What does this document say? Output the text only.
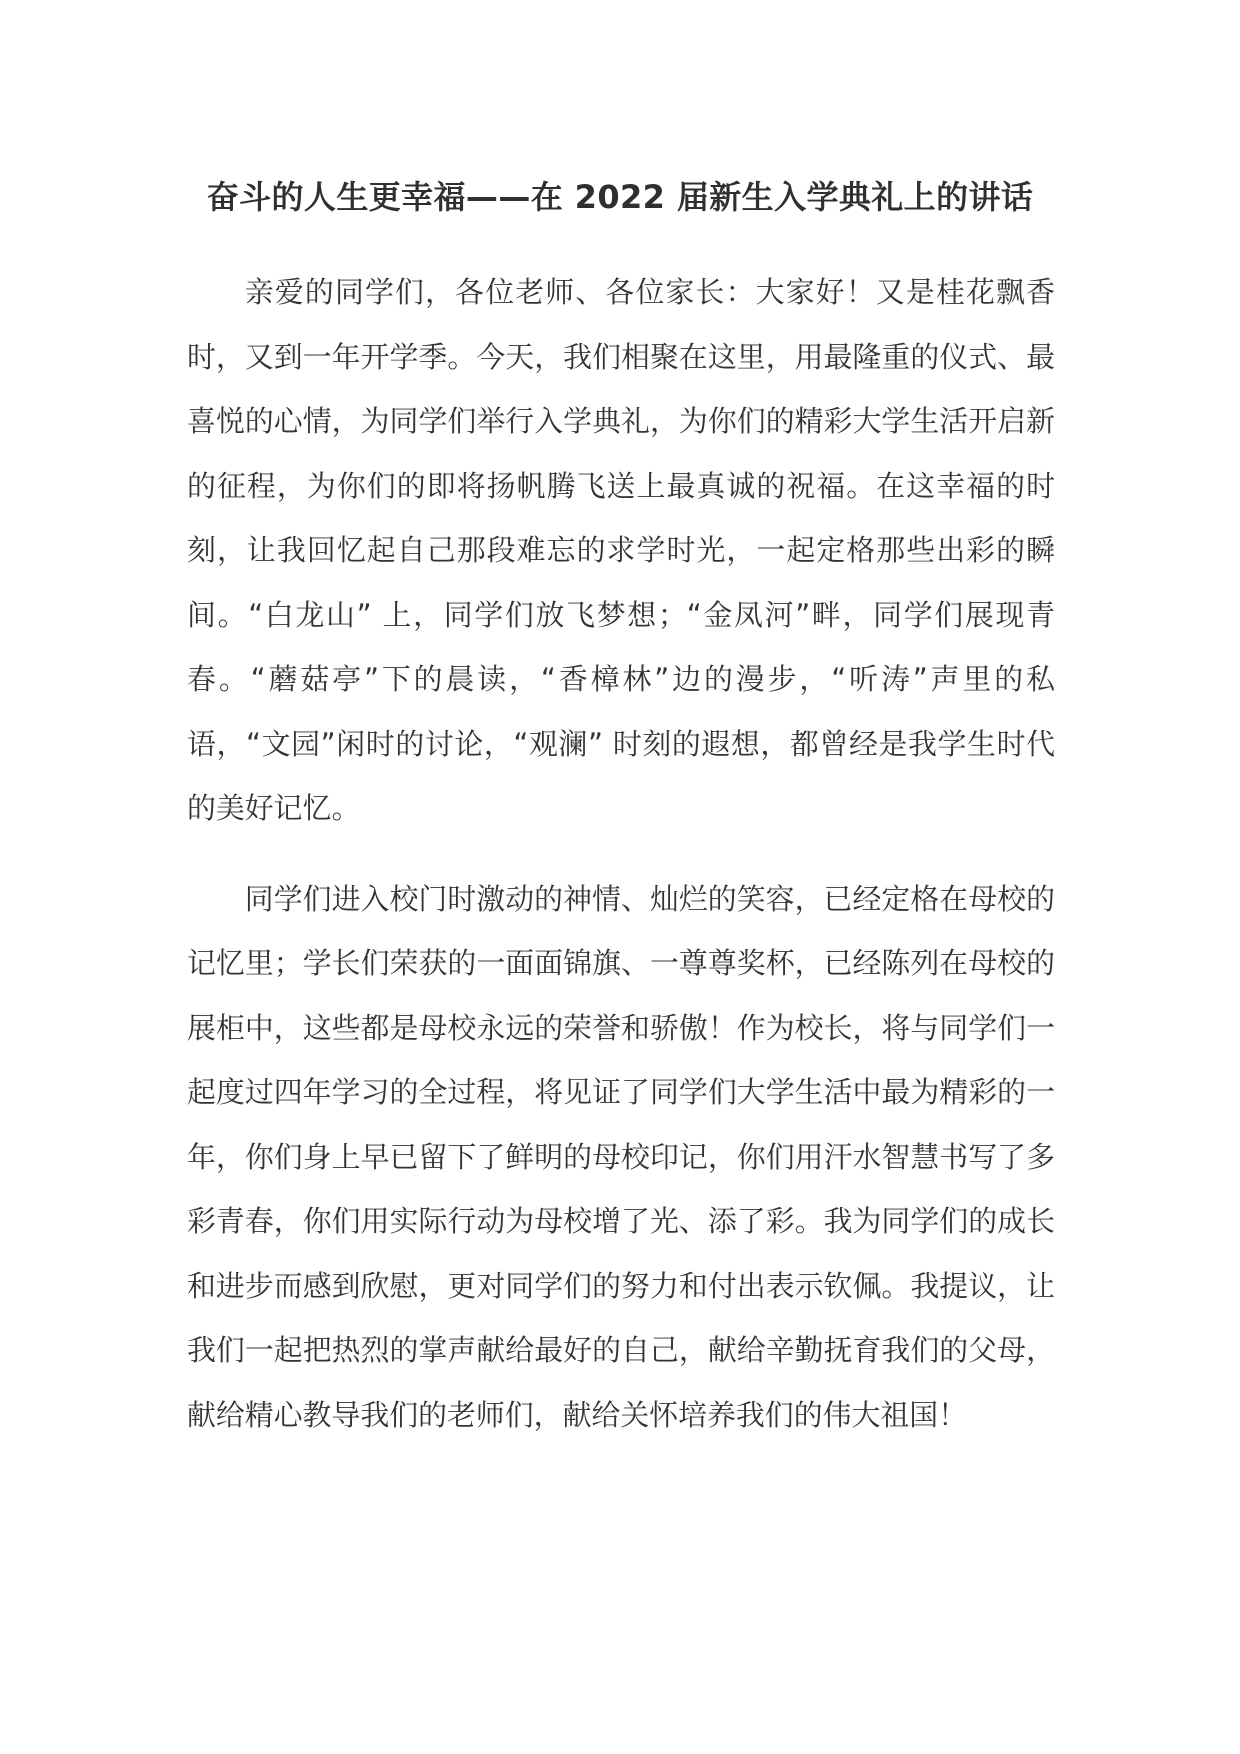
奋斗的人生更幸福——在 2022 届新生入学典礼上的讲话

亲爱的同学们，各位老师、各位家长：大家好！又是桂花飘香时，又到一年开学季。今天，我们相聚在这里，用最隆重的仪式、最喜悦的心情，为同学们举行入学典礼，为你们的精彩大学生活开启新的征程，为你们的即将扬帆腾飞送上最真诚的祝福。在这幸福的时刻，让我回忆起自己那段难忘的求学时光，一起定格那些出彩的瞬间。“白龙山” 上，同学们放飞梦想；“金凤河”畔，同学们展现青春。“蘑菇亭”下的晨读，“香樟林”边的漫步，“听涛”声里的私语，“文园”闲时的讨论，“观澜” 时刻的遐想，都曾经是我学生时代的美好记忆。

同学们进入校门时激动的神情、灿烂的笑容，已经定格在母校的记忆里；学长们荣获的一面面锦旗、一尊尊奖杯，已经陈列在母校的展柜中，这些都是母校永远的荣誉和骄傲！作为校长，将与同学们一起度过四年学习的全过程，将见证了同学们大学生活中最为精彩的一年，你们身上早已留下了鲜明的母校印记，你们用汗水智慧书写了多彩青春，你们用实际行动为母校增了光、添了彩。我为同学们的成长和进步而感到欣慰，更对同学们的努力和付出表示钦佩。我提议，让我们一起把热烈的掌声献给最好的自己，献给辛勤抚育我们的父母，献给精心教导我们的老师们，献给关怀培养我们的伟大祖国！
